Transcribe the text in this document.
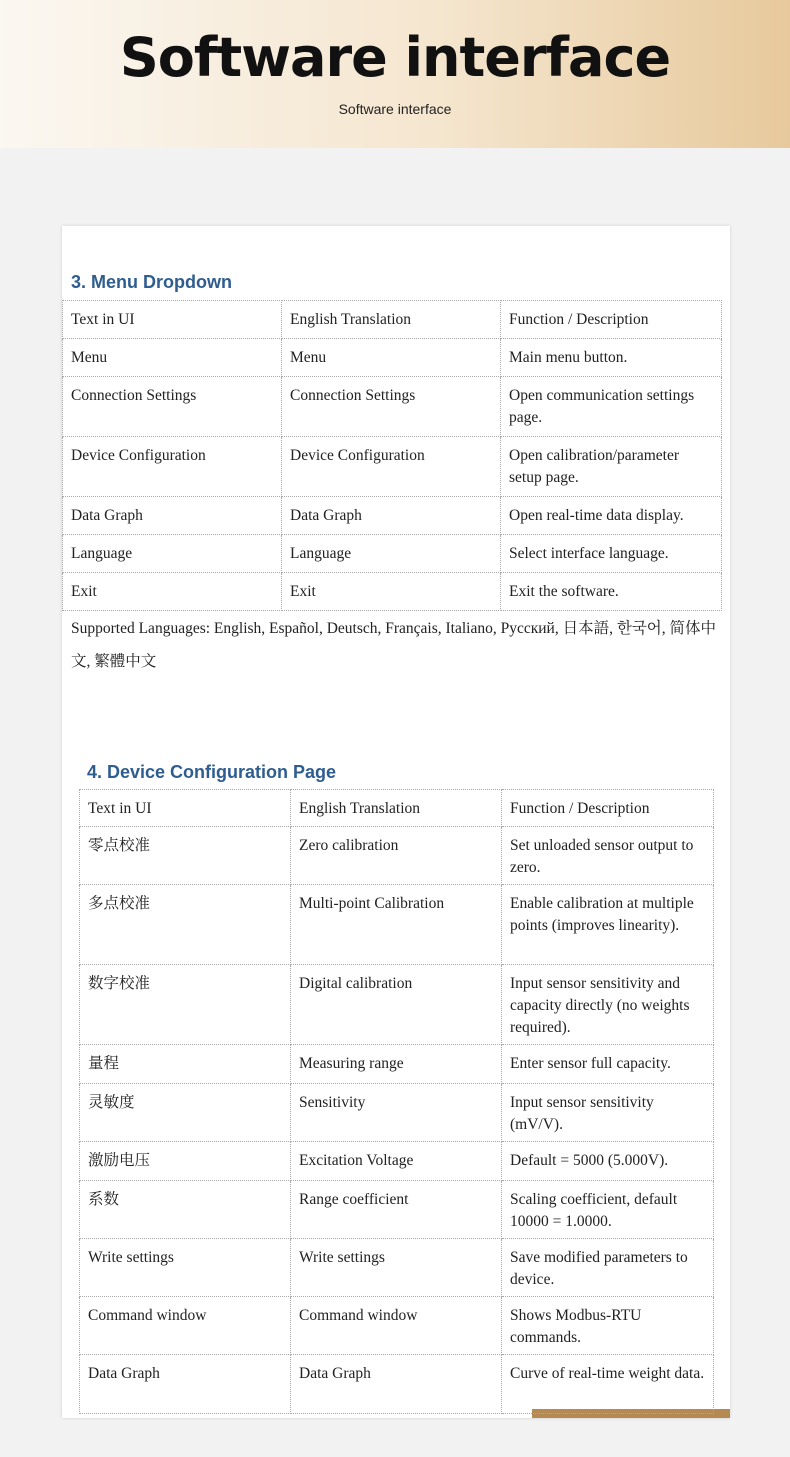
Software interface
Software interface
3. Menu Dropdown
Text in UI	English Translation	Function / Description
Menu	Menu	Main menu button.
Connection Settings	Connection Settings	Open communication settings page.
Device Configuration	Device Configuration	Open calibration/parameter setup page.
Data Graph	Data Graph	Open real-time data display.
Language	Language	Select interface language.
Exit	Exit	Exit the software.
Supported Languages: English, Español, Deutsch, Français, Italiano, Русский, 日本語, 한국어, 简体中文, 繁體中文
4. Device Configuration Page
Text in UI	English Translation	Function / Description
零点校准	Zero calibration	Set unloaded sensor output to zero.
多点校准	Multi-point Calibration	Enable calibration at multiple points (improves linearity).
数字校准	Digital calibration	Input sensor sensitivity and capacity directly (no weights required).
量程	Measuring range	Enter sensor full capacity.
灵敏度	Sensitivity	Input sensor sensitivity (mV/V).
激励电压	Excitation Voltage	Default = 5000 (5.000V).
系数	Range coefficient	Scaling coefficient, default 10000 = 1.0000.
Write settings	Write settings	Save modified parameters to device.
Command window	Command window	Shows Modbus-RTU commands.
Data Graph	Data Graph	Curve of real-time weight data.
